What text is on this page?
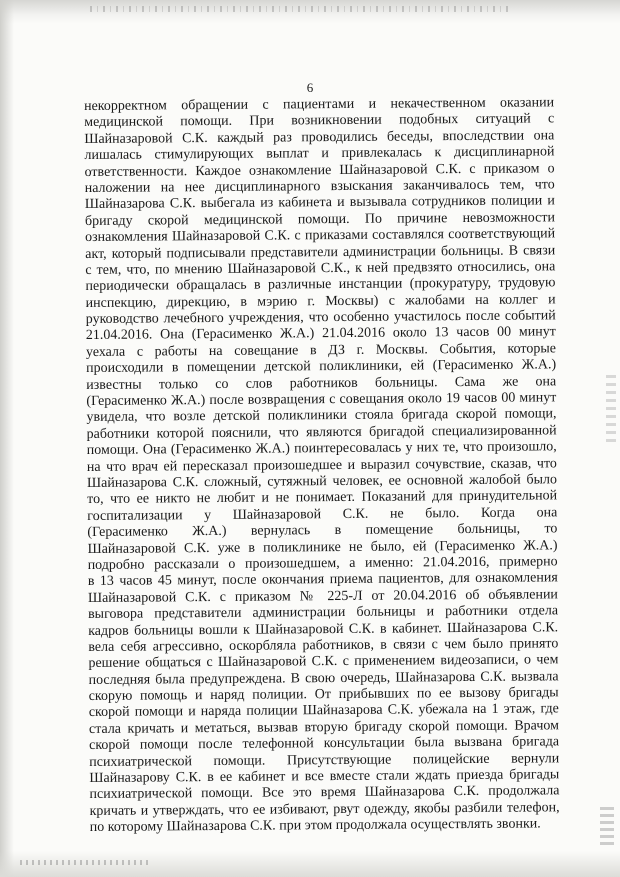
6
некорректном обращении с пациентами и некачественном оказании
медицинской помощи. При возникновении подобных ситуаций с
Шайназаровой С.К. каждый раз проводились беседы, впоследствии она
лишалась стимулирующих выплат и привлекалась к дисциплинарной
ответственности. Каждое ознакомление Шайназаровой С.К. с приказом о
наложении на нее дисциплинарного взыскания заканчивалось тем, что
Шайназарова С.К. выбегала из кабинета и вызывала сотрудников полиции и
бригаду скорой медицинской помощи. По причине невозможности
ознакомления Шайназаровой С.К. с приказами составлялся соответствующий
акт, который подписывали представители администрации больницы. В связи
с тем, что, по мнению Шайназаровой С.К., к ней предвзято относились, она
периодически обращалась в различные инстанции (прокуратуру, трудовую
инспекцию, дирекцию, в мэрию г. Москвы) с жалобами на коллег и
руководство лечебного учреждения, что особенно участилось после событий
21.04.2016. Она (Герасименко Ж.А.) 21.04.2016 около 13 часов 00 минут
уехала с работы на совещание в ДЗ г. Москвы. События, которые
происходили в помещении детской поликлиники, ей (Герасименко Ж.А.)
известны только со слов работников больницы. Сама же она
(Герасименко Ж.А.) после возвращения с совещания около 19 часов 00 минут
увидела, что возле детской поликлиники стояла бригада скорой помощи,
работники которой пояснили, что являются бригадой специализированной
помощи. Она (Герасименко Ж.А.) поинтересовалась у них те, что произошло,
на что врач ей пересказал произошедшее и выразил сочувствие, сказав, что
Шайназарова С.К. сложный, сутяжный человек, ее основной жалобой было
то, что ее никто не любит и не понимает. Показаний для принудительной
госпитализации у Шайназаровой С.К. не было. Когда она
(Герасименко Ж.А.) вернулась в помещение больницы, то
Шайназаровой С.К. уже в поликлинике не было, ей (Герасименко Ж.А.)
подробно рассказали о произошедшем, а именно: 21.04.2016, примерно
в 13 часов 45 минут, после окончания приема пациентов, для ознакомления
Шайназаровой С.К. с приказом № 225-Л от 20.04.2016 об объявлении
выговора представители администрации больницы и работники отдела
кадров больницы вошли к Шайназаровой С.К. в кабинет. Шайназарова С.К.
вела себя агрессивно, оскорбляла работников, в связи с чем было принято
решение общаться с Шайназаровой С.К. с применением видеозаписи, о чем
последняя была предупреждена. В свою очередь, Шайназарова С.К. вызвала
скорую помощь и наряд полиции. От прибывших по ее вызову бригады
скорой помощи и наряда полиции Шайназарова С.К. убежала на 1 этаж, где
стала кричать и метаться, вызвав вторую бригаду скорой помощи. Врачом
скорой помощи после телефонной консультации была вызвана бригада
психиатрической помощи. Присутствующие полицейские вернули
Шайназарову С.К. в ее кабинет и все вместе стали ждать приезда бригады
психиатрической помощи. Все это время Шайназарова С.К. продолжала
кричать и утверждать, что ее избивают, рвут одежду, якобы разбили телефон,
по которому Шайназарова С.К. при этом продолжала осуществлять звонки.
